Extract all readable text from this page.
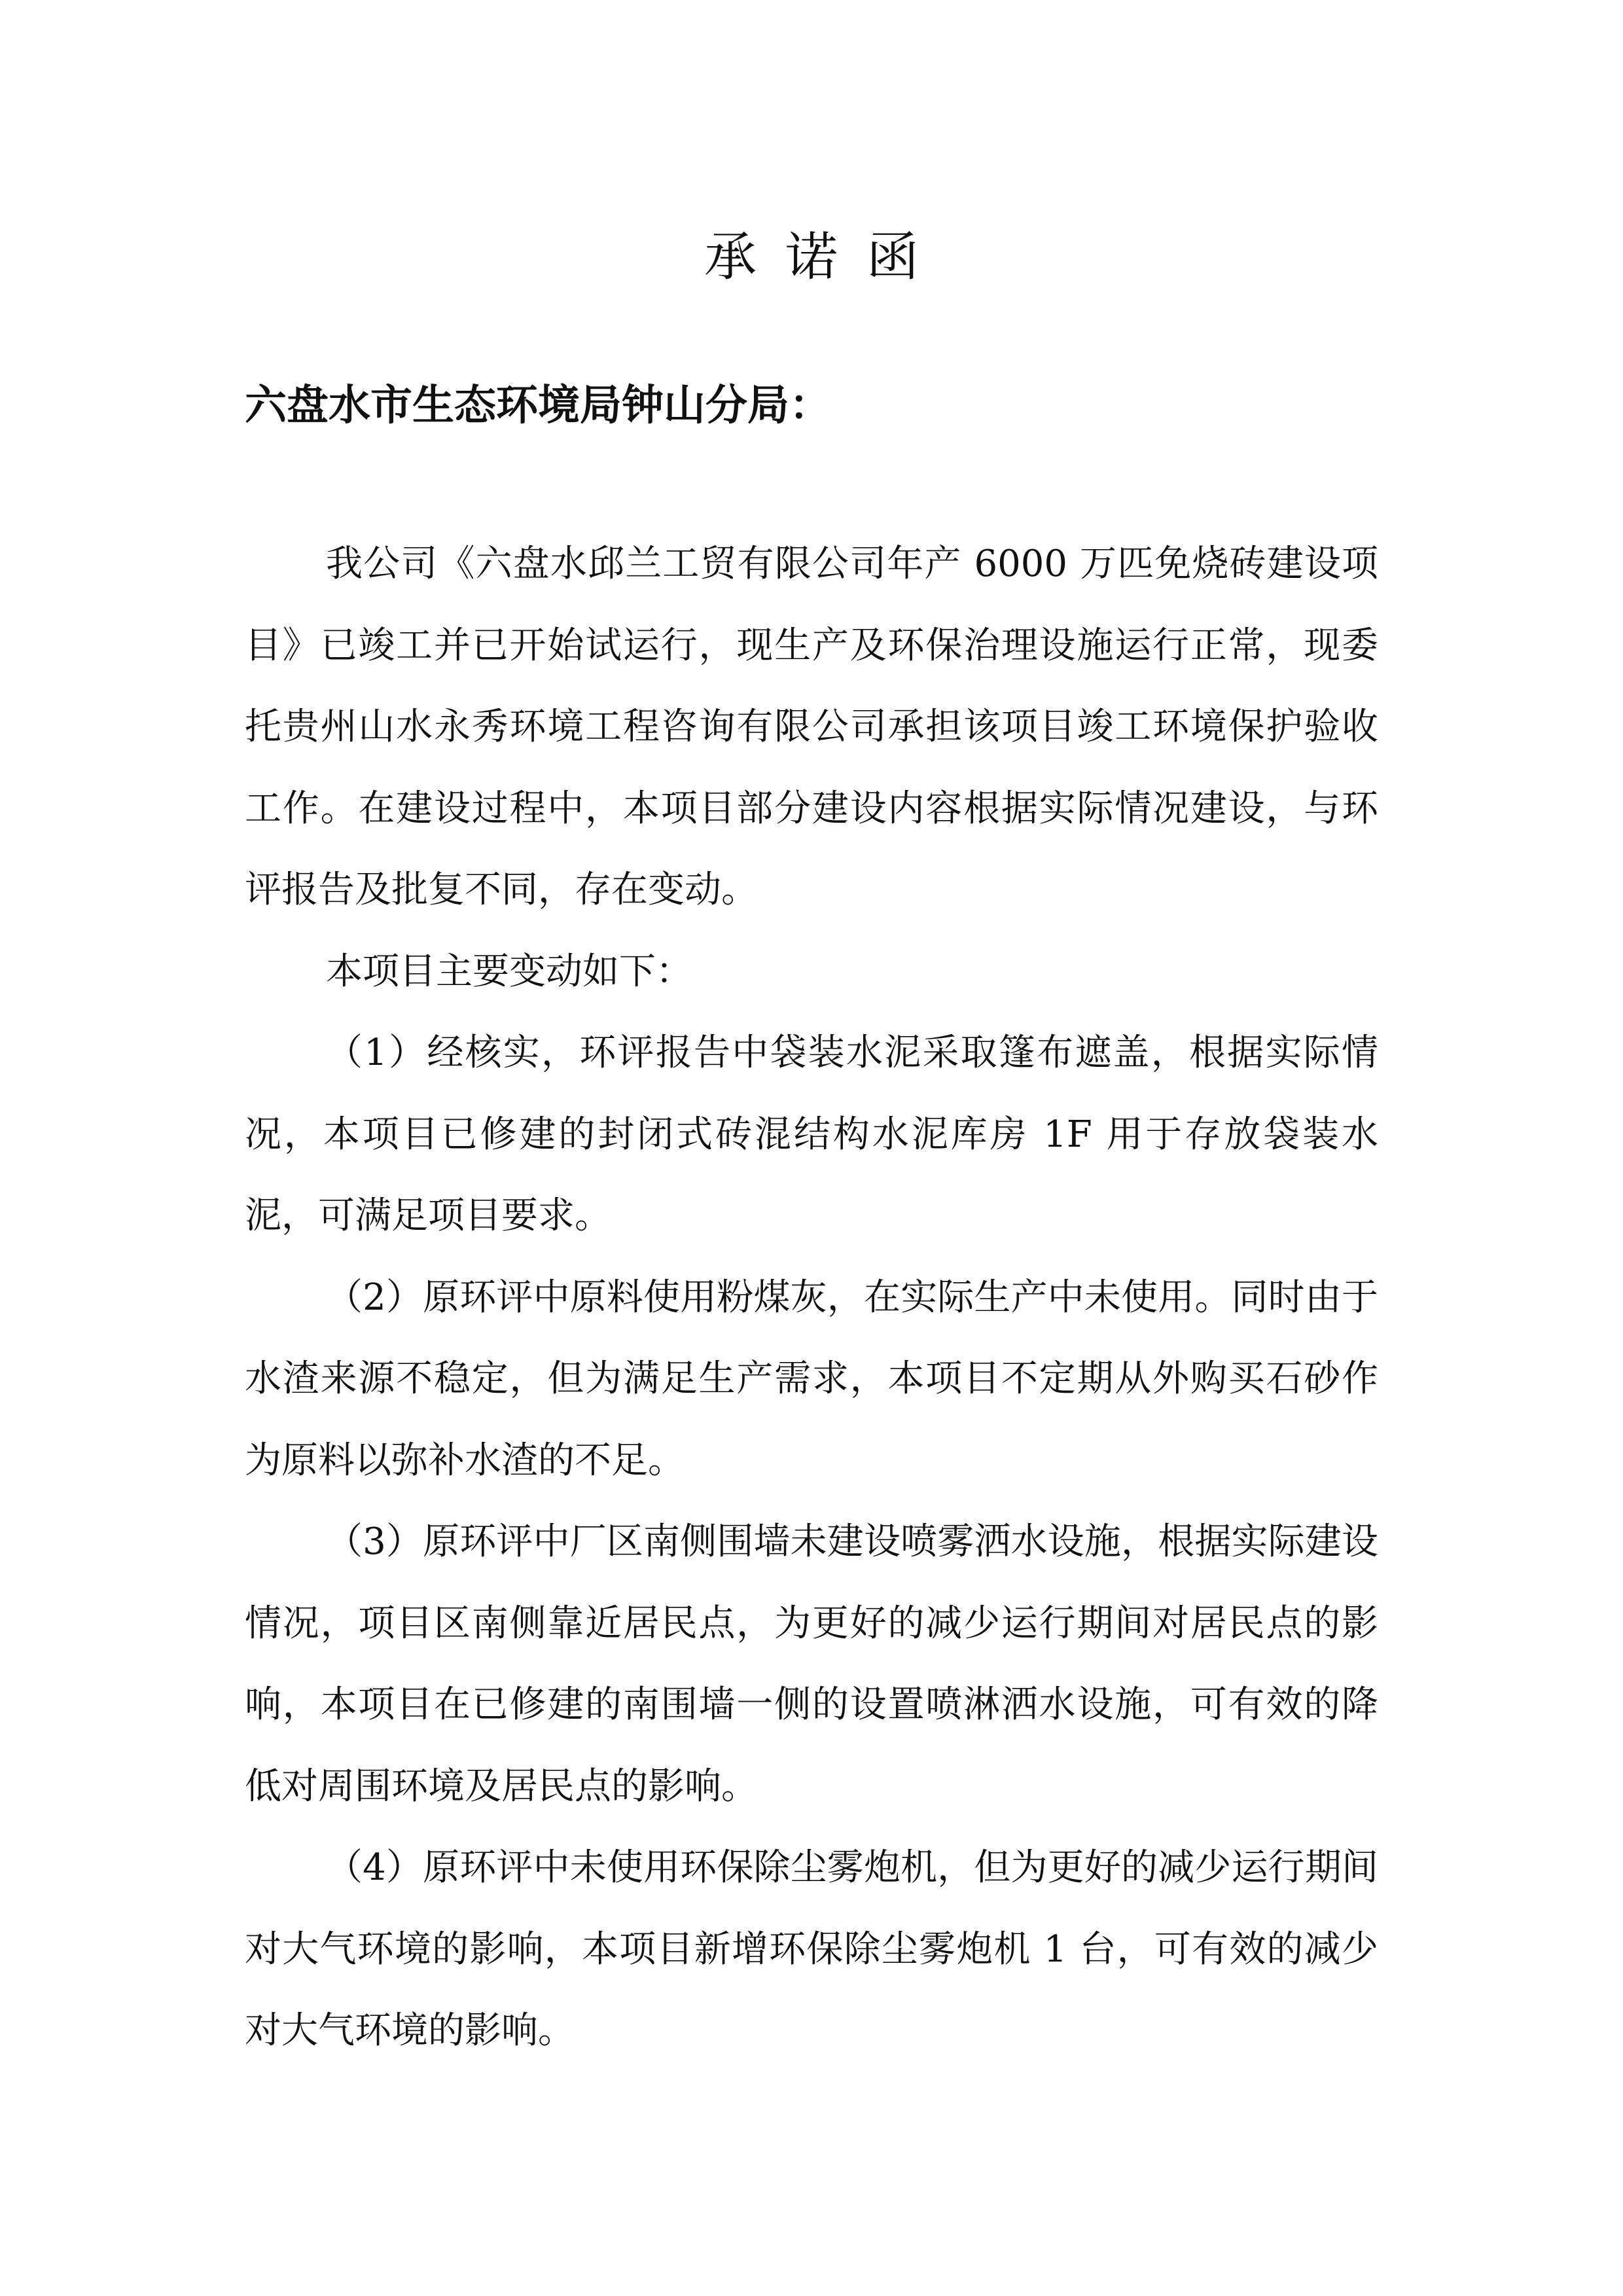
承诺函
六盘水市生态环境局钟山分局：

我公司《六盘水邱兰工贸有限公司年产 6000 万匹免烧砖建设项目》已竣工并已开始试运行，现生产及环保治理设施运行正常，现委托贵州山水永秀环境工程咨询有限公司承担该项目竣工环境保护验收工作。在建设过程中，本项目部分建设内容根据实际情况建设，与环评报告及批复不同，存在变动。

本项目主要变动如下：

（1）经核实，环评报告中袋装水泥采取篷布遮盖，根据实际情况，本项目已修建的封闭式砖混结构水泥库房 1F 用于存放袋装水泥，可满足项目要求。

（2）原环评中原料使用粉煤灰，在实际生产中未使用。同时由于水渣来源不稳定，但为满足生产需求，本项目不定期从外购买石砂作为原料以弥补水渣的不足。

（3）原环评中厂区南侧围墙未建设喷雾洒水设施，根据实际建设情况，项目区南侧靠近居民点，为更好的减少运行期间对居民点的影响，本项目在已修建的南围墙一侧的设置喷淋洒水设施，可有效的降低对周围环境及居民点的影响。

（4）原环评中未使用环保除尘雾炮机，但为更好的减少运行期间对大气环境的影响，本项目新增环保除尘雾炮机 1 台，可有效的减少对大气环境的影响。
